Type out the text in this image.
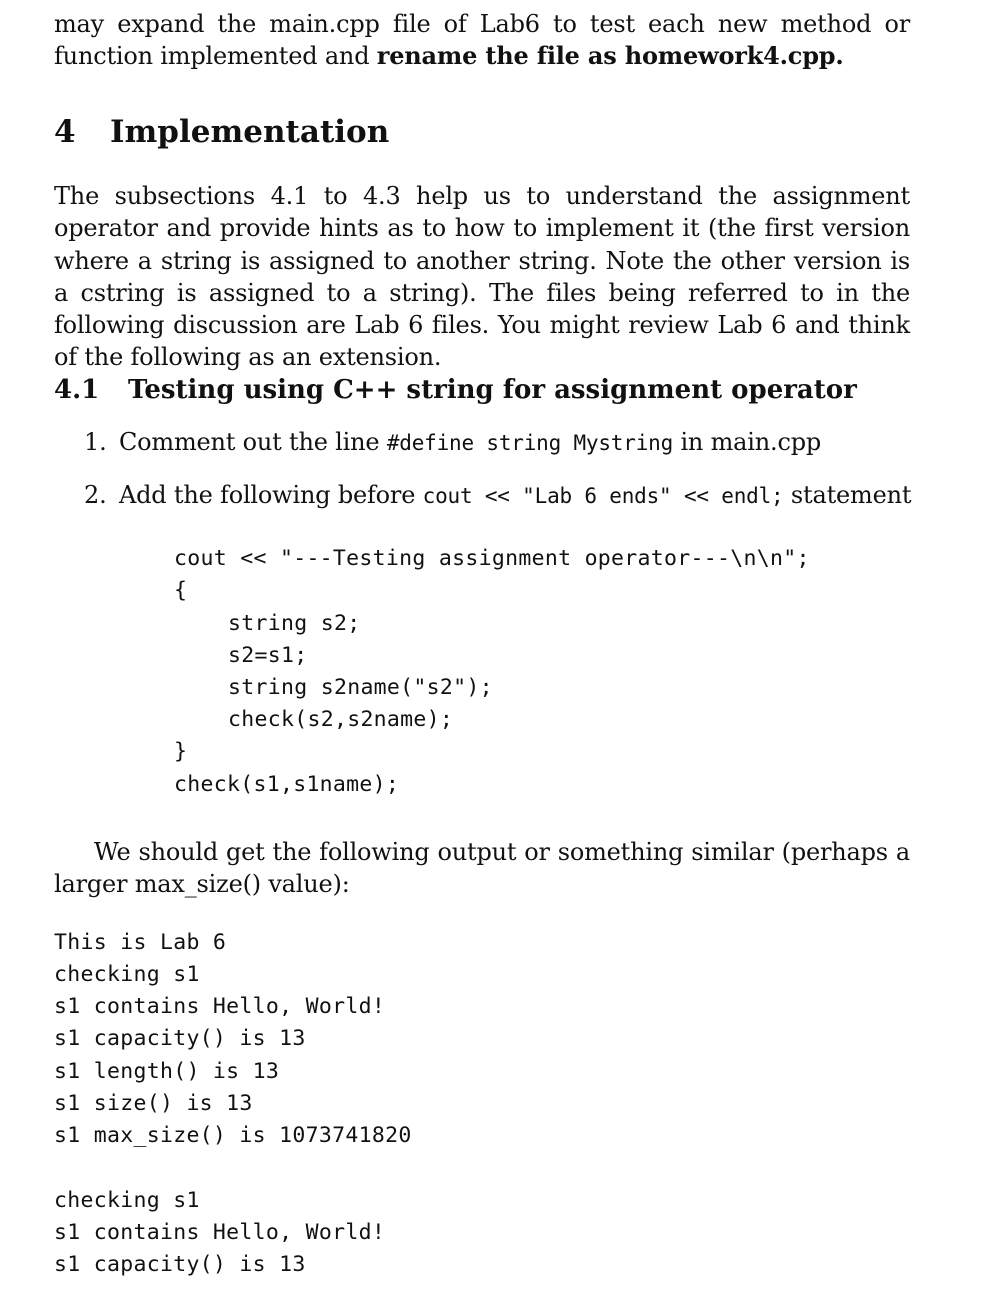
may expand the main.cpp file of Lab6 to test each new method or function implemented and rename the file as homework4.cpp.

4 Implementation

The subsections 4.1 to 4.3 help us to understand the assignment operator and provide hints as to how to implement it (the first version where a string is assigned to another string. Note the other version is a cstring is assigned to a string). The files being referred to in the following discussion are Lab 6 files. You might review Lab 6 and think of the following as an extension.

4.1 Testing using C++ string for assignment operator
1. Comment out the line #define string Mystring in main.cpp
2. Add the following before cout << "Lab 6 ends" << endl; statement
cout << "---Testing assignment operator---\n\n";
{
string s2;
s2=s1;
string s2name("s2");
check(s2,s2name);
}
check(s1,s1name);

We should get the following output or something similar (perhaps a larger max_size() value):

This is Lab 6
checking s1
s1 contains Hello, World!
s1 capacity() is 13
s1 length() is 13
s1 size() is 13
s1 max_size() is 1073741820
checking s1
s1 contains Hello, World!
s1 capacity() is 13
